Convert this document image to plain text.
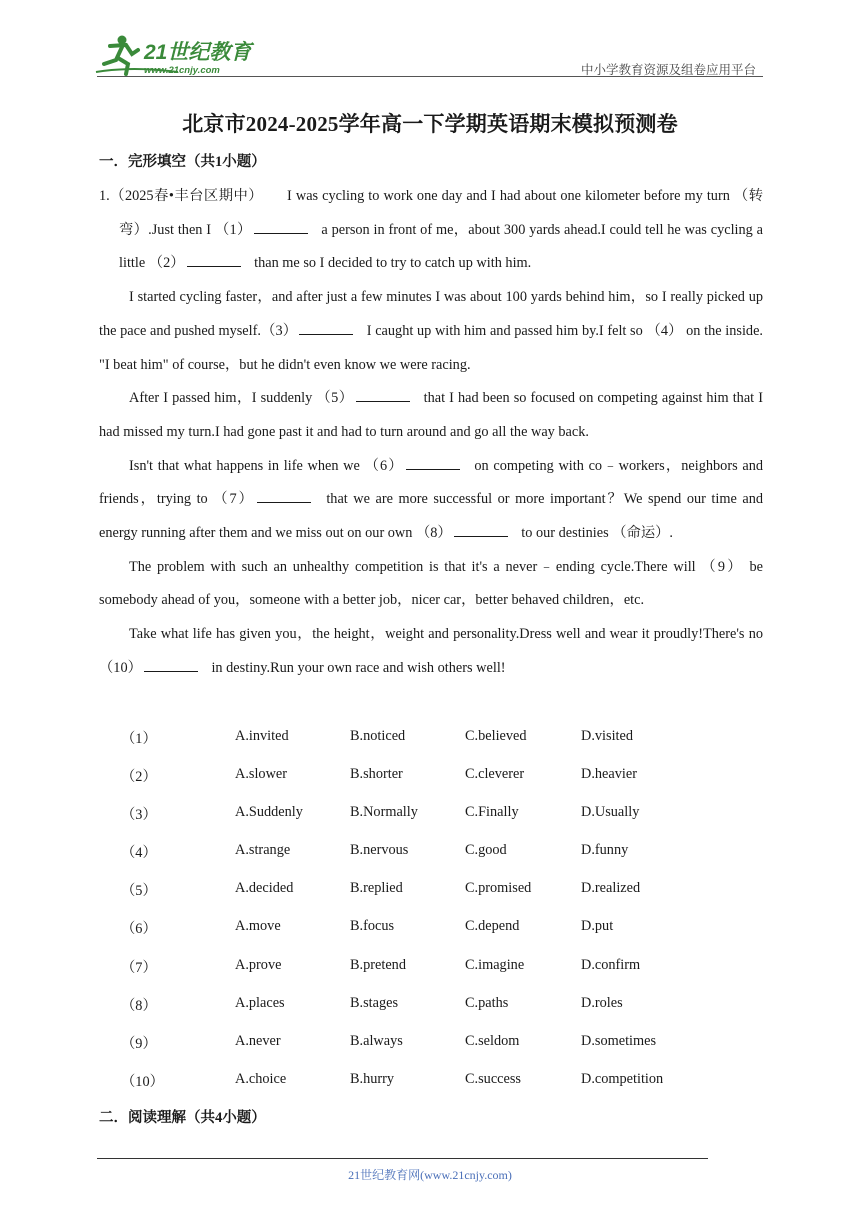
21世纪教育
www.21cnjy.com	中小学教育资源及组卷应用平台
北京市2024-2025学年高一下学期英语期末模拟预测卷
一．完形填空（共1小题）

1.（2025春•丰台区期中） I was cycling to work one day and I had about one kilometer before my turn （转弯）.Just then I （1）	a person in front of me，about 300 yards ahead.I could tell he was cycling a little （2）	than me so I decided to try to catch up with him.

I started cycling faster，and after just a few minutes I was about 100 yards behind him，so I really picked up the pace and pushed myself.（3）	I caught up with him and passed him by.I felt so （4） on the inside. "I beat him" of course，but he didn't even know we were racing.

After I passed him，I suddenly （5）	that I had been so focused on competing against him that I had missed my turn.I had gone past it and had to turn around and go all the way back.

Isn't that what happens in life when we （6）	on competing with co﹣workers，neighbors and friends，trying to （7）	that we are more successful or more important？We spend our time and energy running after them and we miss out on our own （8）	to our destinies （命运）.

The problem with such an unhealthy competition is that it's a never﹣ending cycle.There will （9） be somebody ahead of you，someone with a better job，nicer car，better behaved children，etc.

Take what life has given you，the height，weight and personality.Dress well and wear it proudly!There's no （10）	in destiny.Run your own race and wish others well!

（1）	A.invited	B.noticed	C.believed	D.visited
（2）	A.slower	B.shorter	C.cleverer	D.heavier
（3）	A.Suddenly	B.Normally	C.Finally	D.Usually
（4）	A.strange	B.nervous	C.good	D.funny
（5）	A.decided	B.replied	C.promised	D.realized
（6）	A.move	B.focus	C.depend	D.put
（7）	A.prove	B.pretend	C.imagine	D.confirm
（8）	A.places	B.stages	C.paths	D.roles
（9）	A.never	B.always	C.seldom	D.sometimes
（10）	A.choice	B.hurry	C.success	D.competition
二．阅读理解（共4小题）
21世纪教育网(www.21cnjy.com)
